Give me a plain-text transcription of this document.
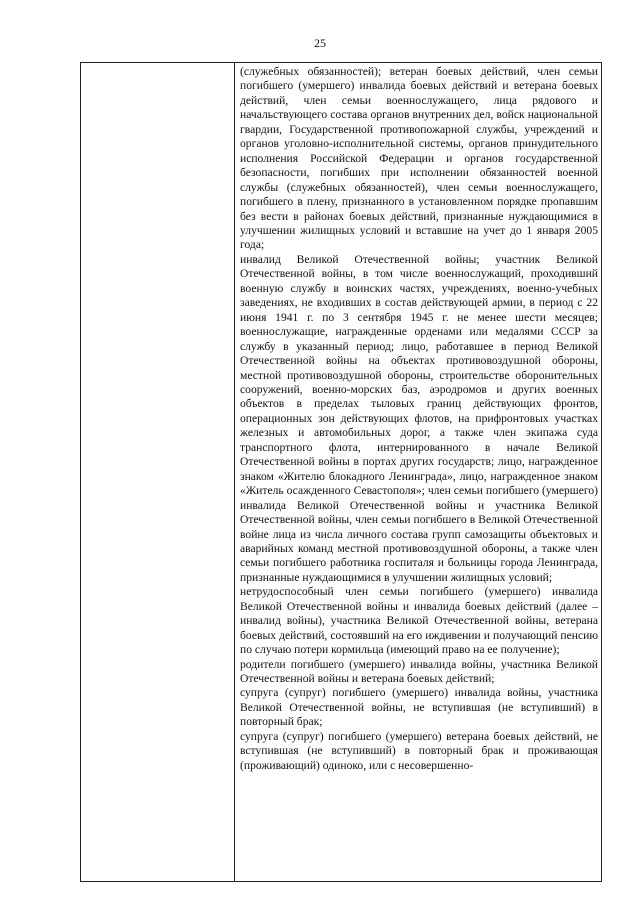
25

(служебных обязанностей); ветеран боевых действий, член семьи погибшего (умершего) инвалида боевых действий и ветерана боевых действий, член семьи военнослужащего, лица рядового и начальствующего состава органов внутренних дел, войск национальной гвардии, Государственной противопожарной службы, учреждений и органов уголовно-исполнительной системы, органов принудительного исполнения Российской Федерации и органов государственной безопасности, погибших при исполнении обязанностей военной службы (служебных обязанностей), член семьи военнослужащего, погибшего в плену, признанного в установленном порядке пропавшим без вести в районах боевых действий, признанные нуждающимися в улучшении жилищных условий и вставшие на учет до 1 января 2005 года;

инвалид Великой Отечественной войны; участник Великой Отечественной войны, в том числе военнослужащий, проходивший военную службу в воинских частях, учреждениях, военно-учебных заведениях, не входивших в состав действующей армии, в период с 22 июня 1941 г. по 3 сентября 1945 г. не менее шести месяцев; военнослужащие, награжденные орденами или медалями СССР за службу в указанный период; лицо, работавшее в период Великой Отечественной войны на объектах противовоздушной обороны, местной противовоздушной обороны, строительстве оборонительных сооружений, военно-морских баз, аэродромов и других военных объектов в пределах тыловых границ действующих фронтов, операционных зон действующих флотов, на прифронтовых участках железных и автомобильных дорог, а также член экипажа суда транспортного флота, интернированного в начале Великой Отечественной войны в портах других государств; лицо, награжденное знаком «Жителю блокадного Ленинграда», лицо, награжденное знаком «Житель осажденного Севастополя»; член семьи погибшего (умершего) инвалида Великой Отечественной войны и участника Великой Отечественной войны, член семьи погибшего в Великой Отечественной войне лица из числа личного состава групп самозащиты объектовых и аварийных команд местной противовоздушной обороны, а также член семьи погибшего работника госпиталя и больницы города Ленинграда, признанные нуждающимися в улучшении жилищных условий;

нетрудоспособный член семьи погибшего (умершего) инвалида Великой Отечественной войны и инвалида боевых действий (далее – инвалид войны), участника Великой Отечественной войны, ветерана боевых действий, состоявший на его иждивении и получающий пенсию по случаю потери кормильца (имеющий право на ее получение);

родители погибшего (умершего) инвалида войны, участника Великой Отечественной войны и ветерана боевых действий;

супруга (супруг) погибшего (умершего) инвалида войны, участника Великой Отечественной войны, не вступившая (не вступивший) в повторный брак;

супруга (супруг) погибшего (умершего) ветерана боевых действий, не вступившая (не вступивший) в повторный брак и проживающая (проживающий) одиноко, или с несовершенно-
